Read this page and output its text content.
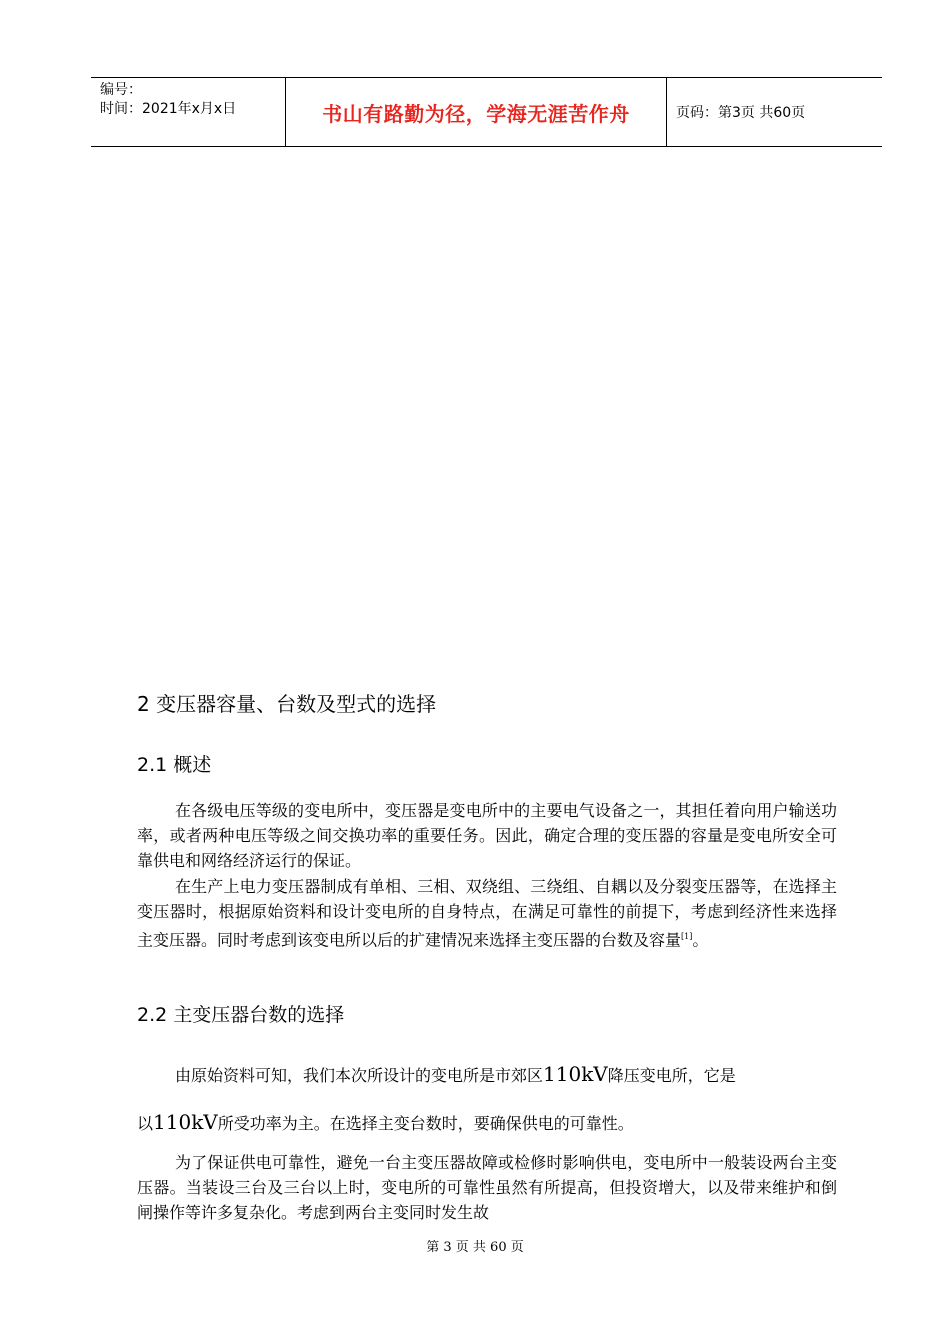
编号：
时间：2021年x月x日	书山有路勤为径，学海无涯苦作舟	页码：第3页 共60页
2 变压器容量、台数及型式的选择
2.1 概述

在各级电压等级的变电所中，变压器是变电所中的主要电气设备之一，其担任着向用户输送功率，或者两种电压等级之间交换功率的重要任务。因此，确定合理的变压器的容量是变电所安全可靠供电和网络经济运行的保证。

在生产上电力变压器制成有单相、三相、双绕组、三绕组、自耦以及分裂变压器等，在选择主变压器时，根据原始资料和设计变电所的自身特点，在满足可靠性的前提下，考虑到经济性来选择主变压器。同时考虑到该变电所以后的扩建情况来选择主变压器的台数及容量[1]。

2.2 主变压器台数的选择

由原始资料可知，我们本次所设计的变电所是市郊区110kV降压变电所，它是

以110kV所受功率为主。在选择主变台数时，要确保供电的可靠性。

为了保证供电可靠性，避免一台主变压器故障或检修时影响供电，变电所中一般装设两台主变压器。当装设三台及三台以上时，变电所的可靠性虽然有所提高，但投资增大，以及带来维护和倒闸操作等许多复杂化。考虑到两台主变同时发生故

第 3 页 共 60 页
